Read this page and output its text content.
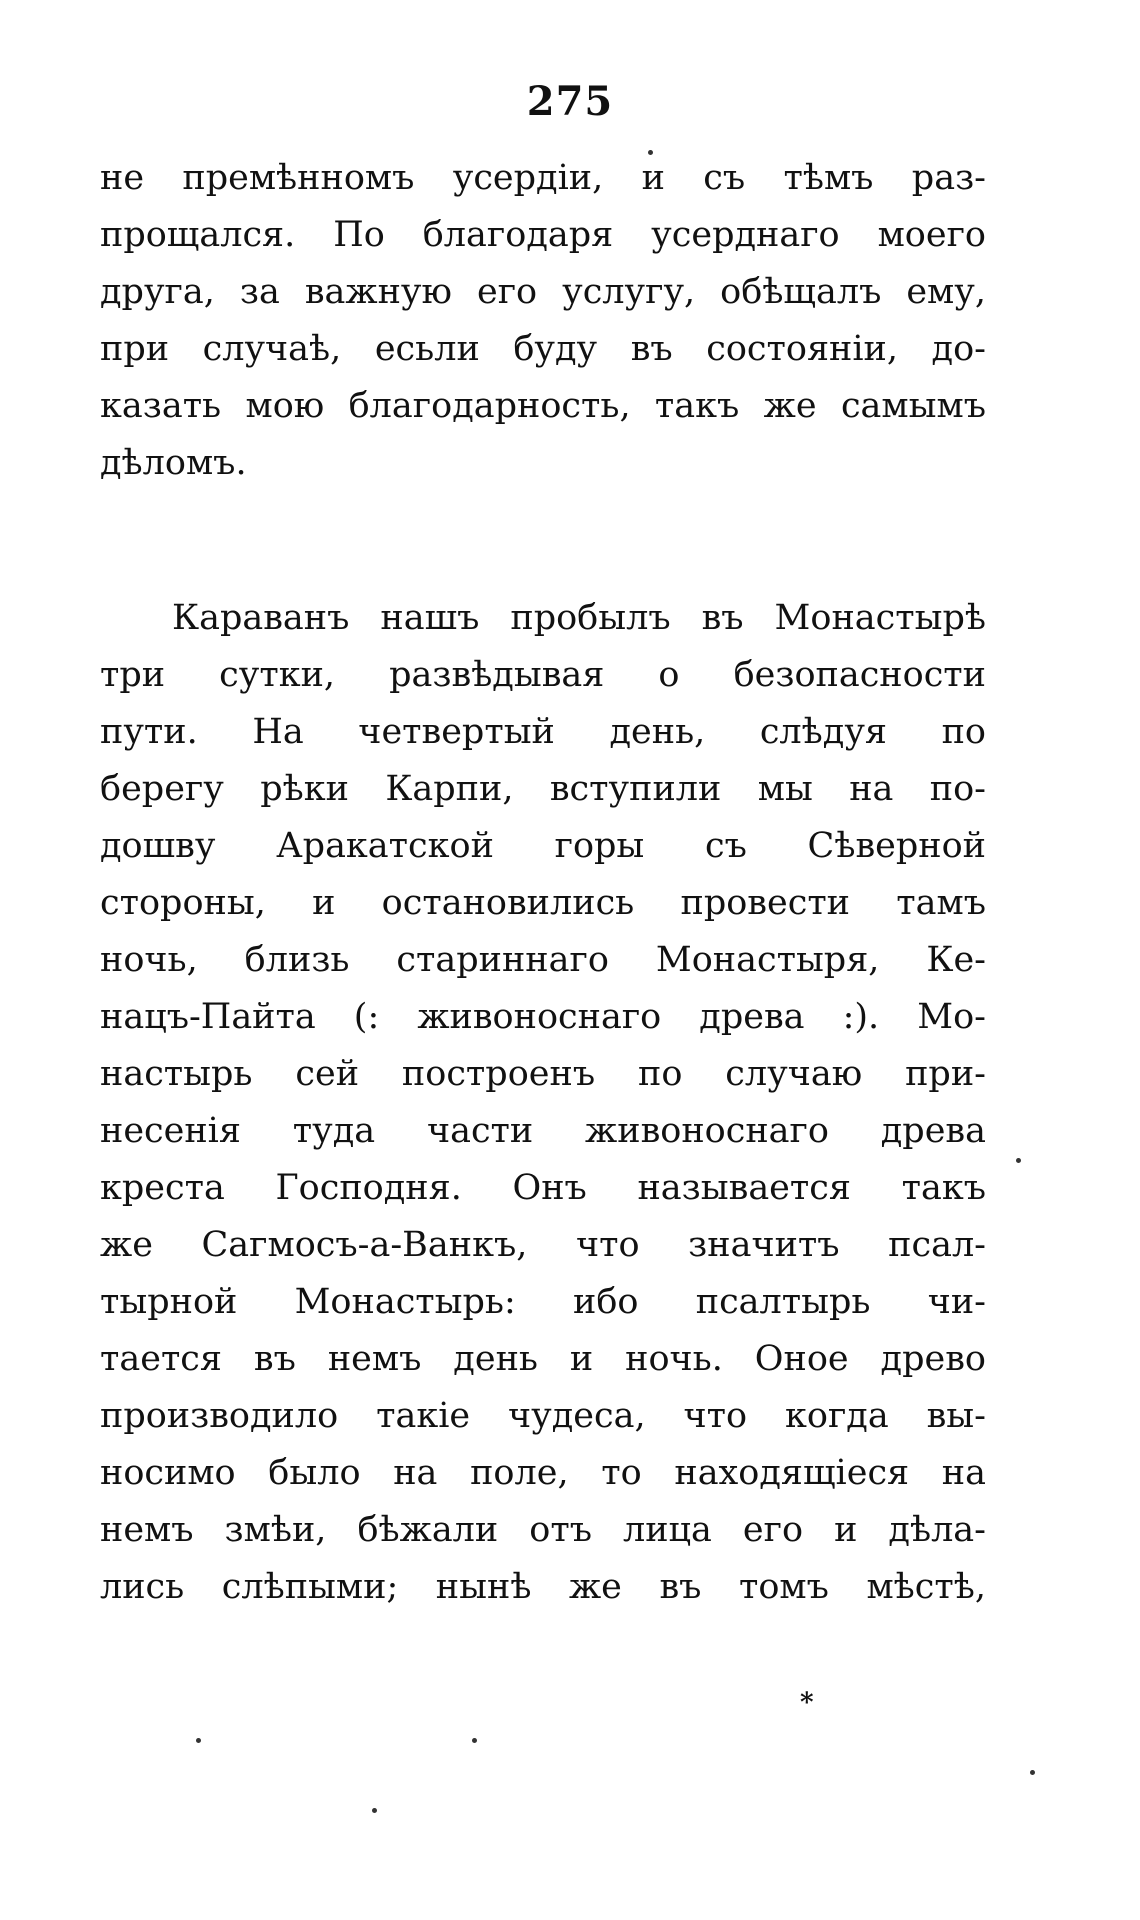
275
не премѣнномъ усердіи, и съ тѣмъ раз-
прощался. По благодаря усерднаго моего
друга, за важную его услугу, обѣщалъ ему,
при случаѣ, есьли буду въ состояніи, до-
казать мою благодарность, такъ же самымъ
дѣломъ.
Караванъ нашъ пробылъ въ Монастырѣ
три сутки, развѣдывая о безопасности
пути. На четвертый день, слѣдуя по
берегу рѣки Карпи, вступили мы на по-
дошву Аракатской горы съ Сѣверной
стороны, и остановились провести тамъ
ночь, близь стариннаго Монастыря, Ке-
нацъ-Пайта (: живоноснаго древа :). Мо-
настырь сей построенъ по случаю при-
несенія туда части живоноснаго древа
креста Господня. Онъ называется такъ
же Сагмосъ-а-Ванкъ, что значитъ псал-
тырной Монастырь: ибо псалтырь чи-
тается въ немъ день и ночь. Оное древо
производило такіе чудеса, что когда вы-
носимо было на поле, то находящіеся на
немъ змѣи, бѣжали отъ лица его и дѣла-
лись слѣпыми; нынѣ же въ томъ мѣстѣ,
*
